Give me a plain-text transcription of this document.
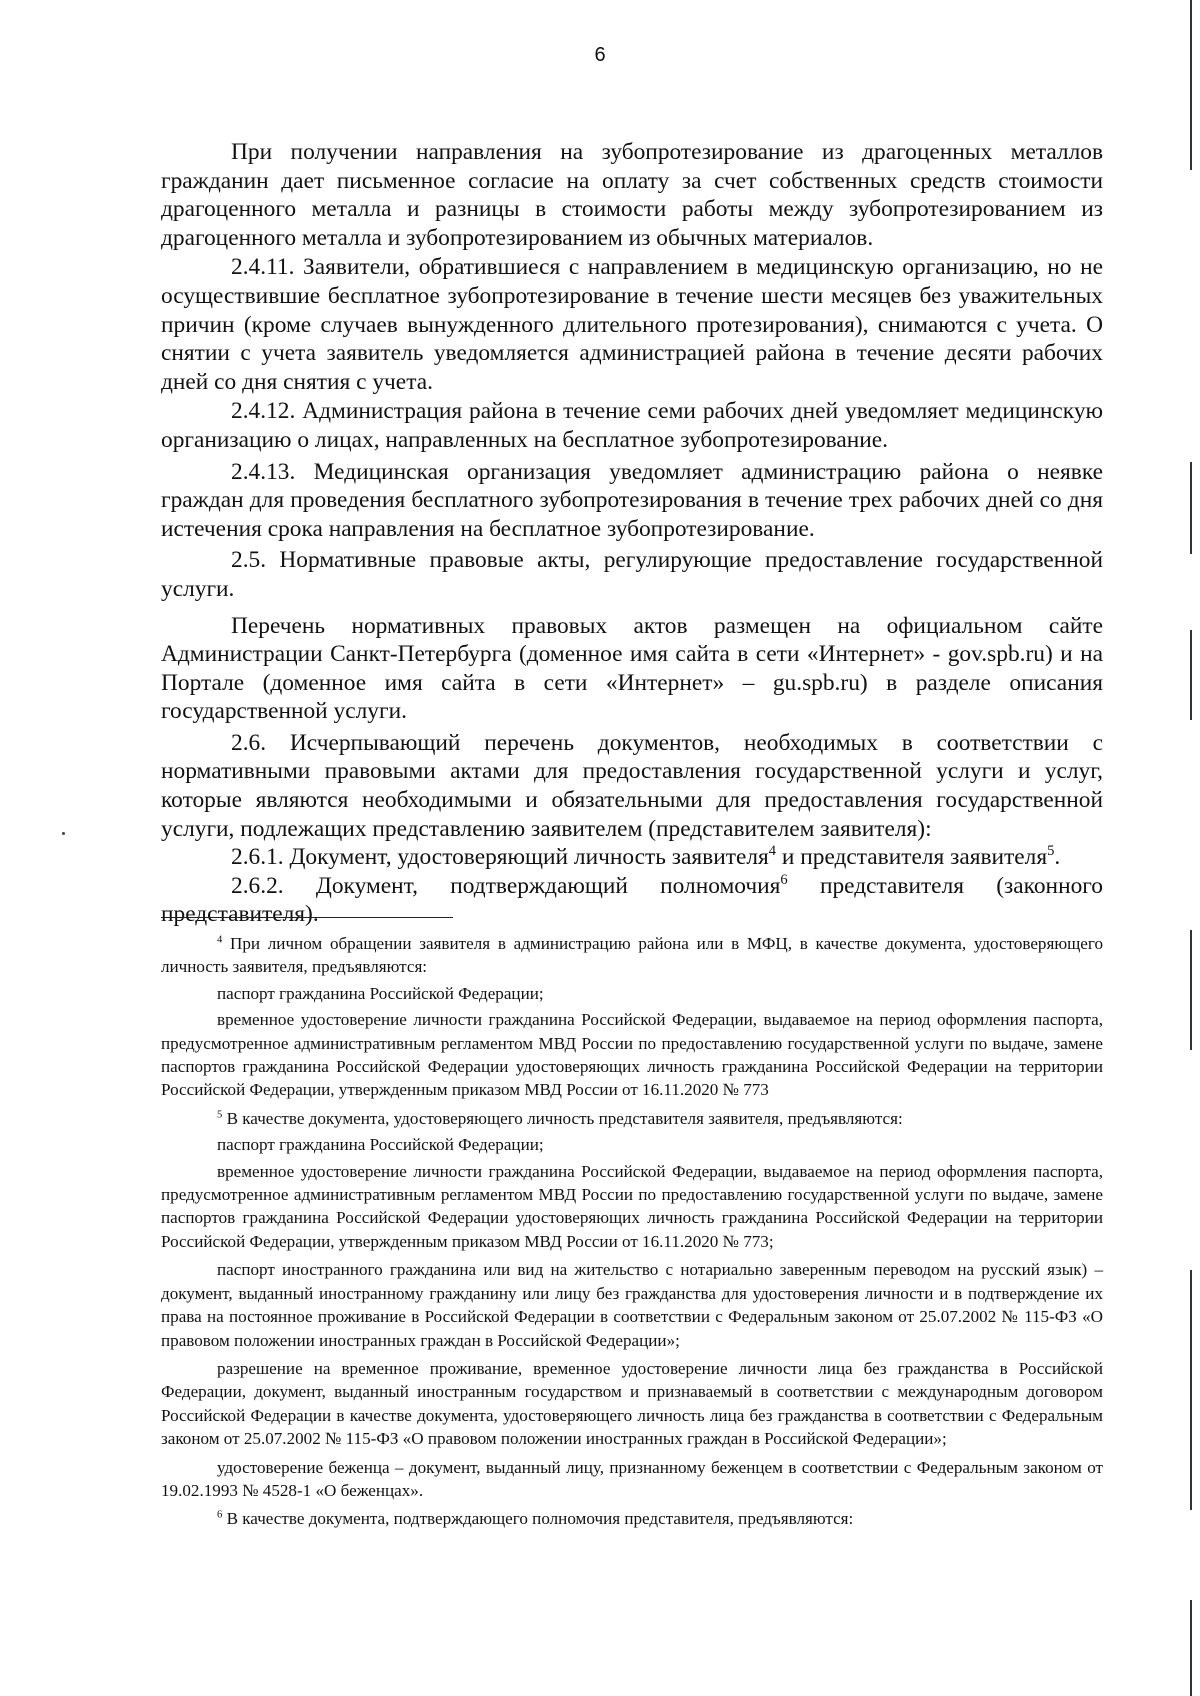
6

При получении направления на зубопротезирование из драгоценных металлов гражданин дает письменное согласие на оплату за счет собственных средств стоимости драгоценного металла и разницы в стоимости работы между зубопротезированием из драгоценного металла и зубопротезированием из обычных материалов.

2.4.11. Заявители, обратившиеся с направлением в медицинскую организацию, но не осуществившие бесплатное зубопротезирование в течение шести месяцев без уважительных причин (кроме случаев вынужденного длительного протезирования), снимаются с учета. О снятии с учета заявитель уведомляется администрацией района в течение десяти рабочих дней со дня снятия с учета.

2.4.12. Администрация района в течение семи рабочих дней уведомляет медицинскую организацию о лицах, направленных на бесплатное зубопротезирование.

2.4.13. Медицинская организация уведомляет администрацию района о неявке граждан для проведения бесплатного зубопротезирования в течение трех рабочих дней со дня истечения срока направления на бесплатное зубопротезирование.

2.5. Нормативные правовые акты, регулирующие предоставление государственной услуги.

Перечень нормативных правовых актов размещен на официальном сайте Администрации Санкт-Петербурга (доменное имя сайта в сети «Интернет» - gov.spb.ru) и на Портале (доменное имя сайта в сети «Интернет» – gu.spb.ru) в разделе описания государственной услуги.

2.6. Исчерпывающий перечень документов, необходимых в соответствии с нормативными правовыми актами для предоставления государственной услуги и услуг, которые являются необходимыми и обязательными для предоставления государственной услуги, подлежащих представлению заявителем (представителем заявителя):

2.6.1. Документ, удостоверяющий личность заявителя$^4$ и представителя заявителя$^5$.

2.6.2. Документ, подтверждающий полномочия$^6$ представителя (законного представителя).

$^4$ При личном обращении заявителя в администрацию района или в МФЦ, в качестве документа, удостоверяющего личность заявителя, предъявляются:

паспорт гражданина Российской Федерации;

временное удостоверение личности гражданина Российской Федерации, выдаваемое на период оформления паспорта, предусмотренное административным регламентом МВД России по предоставлению государственной услуги по выдаче, замене паспортов гражданина Российской Федерации удостоверяющих личность гражданина Российской Федерации на территории Российской Федерации, утвержденным приказом МВД России от 16.11.2020 № 773

$^5$ В качестве документа, удостоверяющего личность представителя заявителя, предъявляются:

паспорт гражданина Российской Федерации;

временное удостоверение личности гражданина Российской Федерации, выдаваемое на период оформления паспорта, предусмотренное административным регламентом МВД России по предоставлению государственной услуги по выдаче, замене паспортов гражданина Российской Федерации удостоверяющих личность гражданина Российской Федерации на территории Российской Федерации, утвержденным приказом МВД России от 16.11.2020 № 773;

паспорт иностранного гражданина или вид на жительство с нотариально заверенным переводом на русский язык) – документ, выданный иностранному гражданину или лицу без гражданства для удостоверения личности и в подтверждение их права на постоянное проживание в Российской Федерации в соответствии с Федеральным законом от 25.07.2002 № 115-ФЗ «О правовом положении иностранных граждан в Российской Федерации»;

разрешение на временное проживание, временное удостоверение личности лица без гражданства в Российской Федерации, документ, выданный иностранным государством и признаваемый в соответствии с международным договором Российской Федерации в качестве документа, удостоверяющего личность лица без гражданства в соответствии с Федеральным законом от 25.07.2002 № 115-ФЗ «О правовом положении иностранных граждан в Российской Федерации»;

удостоверение беженца – документ, выданный лицу, признанному беженцем в соответствии с Федеральным законом от 19.02.1993 № 4528-1 «О беженцах».

$^6$ В качестве документа, подтверждающего полномочия представителя, предъявляются:
